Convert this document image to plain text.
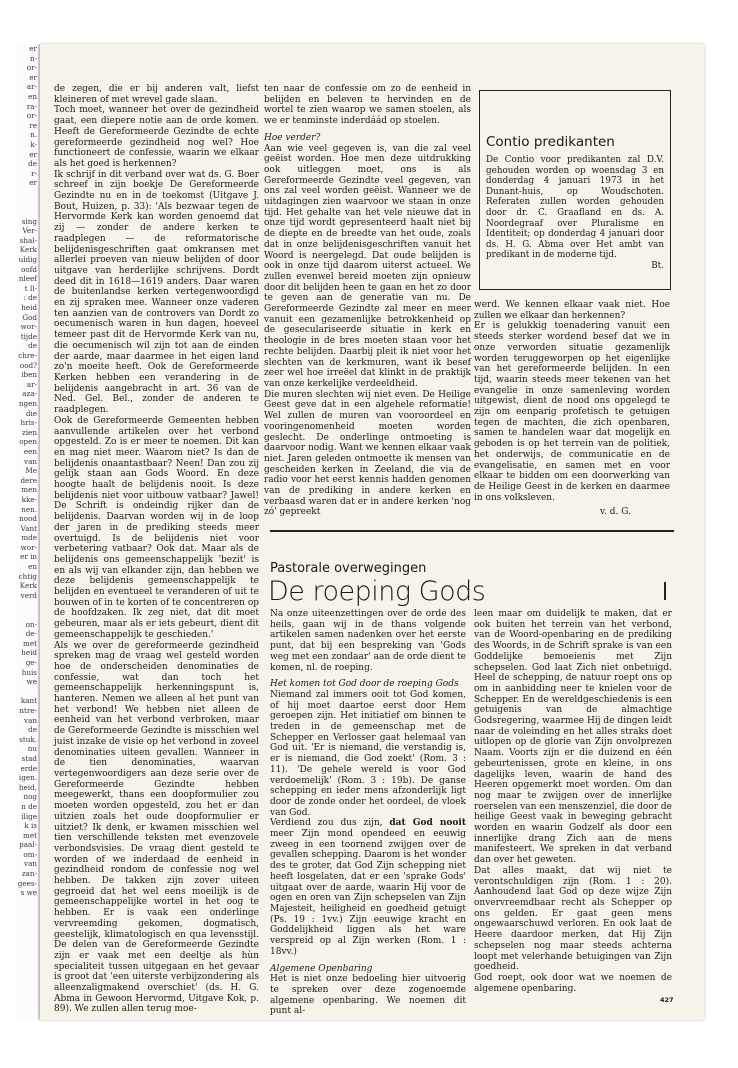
er
n-
or-
er
ar-
en
ra-
or-
re
n.
k-
er
de
r-
er

sing
Ver-
shal-
Kerk
uldig
oofd
nleef
t ll-
: de
heid
God
wor-
tijde
de
chre-
ood?
iben
ar-
aza-
ngen
die
hris-
zien
open
een
van
Me
dere
men
kke-
nen.
nood
Vant
mde
wor-
er in
en
chtig
Kerk
verd

on-
de-
met
heid
ge-
huis
we

kant
ntre-
van
de
stuk.
nu
stad
erde
igen.
heid,
nog
n de
ilige
k is
met
paal-
om-
van
zan-
gees-
s we

de zegen, die er bij anderen valt, liefst kleineren of met wrevel gade slaan.

Toch moet, wanneer het over de gezindheid gaat, een diepere notie aan de orde komen. Heeft de Gereformeerde Gezindte de echte gereformeerde gezindheid nog wel? Hoe functioneert de confessie, waarin we elkaar als het goed is herkennen?

Ik schrijf in dit verband over wat ds. G. Boer schreef in zijn boekje De Gereformeerde Gezindte nu en in de toekomst (Uitgave J. Bout, Huizen, p. 33): 'Als bezwaar tegen de Hervormde Kerk kan worden genoemd dat zij — zonder de andere kerken te raadplegen — de reformatorische belijdenisgeschriften gaat omkransen met allerlei proeven van nieuw belijden of door uitgave van herderlijke schrijvens. Dordt deed dit in 1618—1619 anders. Daar waren de buitenlandse kerken vertegenwoordigd en zij spraken mee. Wanneer onze vaderen ten aanzien van de controvers van Dordt zo oecumenisch waren in hun dagen, hoeveel temeer past dit de Hervormde Kerk van nu, die oecumenisch wil zijn tot aan de einden der aarde, maar daarmee in het eigen land zo'n moeite heeft. Ook de Gereformeerde Kerken hebben een verandering in de belijdenis aangebracht in art. 36 van de Ned. Gel. Bel., zonder de anderen te raadplegen.

Ook de Gereformeerde Gemeenten hebben aanvullende artikelen over het verbond opgesteld. Zo is er meer te noemen. Dit kan en mag niet meer. Waarom niet? Is dan de belijdenis onaantastbaar? Neen! Dan zou zij gelijk staan aan Gods Woord. En deze hoogte haalt de belijdenis nooit. Is deze belijdenis niet voor uitbouw vatbaar? Jawel! De Schrift is ondeindig rijker dan de belijdenis. Daarvan worden wij in de loop der jaren in de prediking steeds meer overtuigd. Is de belijdenis niet voor verbetering vatbaar? Ook dat. Maar als de belijdenis ons gemeenschappelijk 'bezit' is en als wij van elkander zijn, dan hebben we deze belijdenis gemeenschappelijk te belijden en eventueel te veranderen of uit te bouwen of in te korten of te concentreren op de hoofdzaken. Ik zeg niet, dat dit moet gebeuren, maar als er iets gebeurt, dient dit gemeenschappelijk te geschieden.'

Als we over de gereformeerde gezindheid spreken mag de vraag wel gesteld worden hoe de onderscheiden denominaties de confessie, wat dan toch het gemeenschappelijk herkenningspunt is, hanteren. Nemen we alleen al het punt van het verbond! We hebben niet alleen de eenheid van het verbond verbroken, maar de Gereformeerde Gezindte is misschien wel juist inzake de visie op het verbond in zoveel denominaties uiteen gevallen. Wanneer in de tien denominaties, waarvan vertegenwoordigers aan deze serie over de Gereformeerde Gezindte hebben meegewerkt, thans een doopformulier zou moeten worden opgesteld, zou het er dan uitzien zoals het oude doopformulier er uitziet? Ik denk, er kwamen misschien wel tien verschillende teksten met evenzovele verbondsvisies. De vraag dient gesteld te worden of we inderdaad de eenheid in gezindheid rondom de confessie nog wel hebben. De takken zijn zover uiteen gegroeid dat het wel eens moeilijk is de gemeenschappelijke wortel in het oog te hebben. Er is vaak een onderlinge vervreemding gekomen, dogmatisch, geestelijk, klimatologisch en qua levensstijl. De delen van de Gereformeerde Gezindte zijn er vaak met een deeltje als hùn specialiteit tussen uitgegaan en het gevaar is groot dat 'een uiterste verbijzondering als alleenzaligmakend overschiet' (ds. H. G. Abma in Gewoon Hervormd, Uitgave Kok, p. 89). We zullen allen terug moe-

ten naar de confessie om zo de eenheid in belijden en beleven te hervinden en de wortel te zien waarop we samen stoelen, als we er tenminste inderdáád op stoelen.

Hoe verder?

Aan wie veel gegeven is, van die zal veel geëist worden. Hoe men deze uitdrukking ook uitleggen moet, ons is als Gereformeerde Gezindte veel gegeven, van ons zal veel worden geëist. Wanneer we de uitdagingen zien waarvoor we staan in onze tijd. Het gehalte van het vele nieuwe dat in onze tijd wordt gepresenteerd haalt niet bij de diepte en de breedte van het oude, zoals dat in onze belijdenisgeschriften vanuit het Woord is neergelegd. Dat oude belijden is ook in onze tijd daarom uiterst actueel. We zullen evenwel bereid moeten zijn opnieuw door dit belijden heen te gaan en het zo door te geven aan de generatie van nu. De Gereformeerde Gezindte zal meer en meer vanuit een gezamenlijke betrokkenheid op de geseculariseerde situatie in kerk en theologie in de bres moeten staan voor het rechte belijden. Daarbij pleit ik niet voor het slechten van de kerkmuren, want ik besef zeer wel hoe irreëel dat klinkt in de praktijk van onze kerkelijke verdeeldheid.

Die muren slechten wij niet even. De Heilige Geest geve dat in een algehele reformatie! Wel zullen de muren van vooroordeel en vooringenomenheid moeten worden geslecht. De onderlinge ontmoeting is daarvoor nodig. Want we kennen elkaar vaak niet. Jaren geleden ontmoette ik mensen van gescheiden kerken in Zeeland, die via de radio voor het eerst kennis hadden genomen van de prediking in andere kerken en verbaasd waren dat er in andere kerken 'nog zó' gepreekt

Contio predikanten
De Contio voor predikanten zal D.V. gehouden worden op woensdag 3 en donderdag 4 januari 1973 in het Dunant-huis, op Woudschoten. Referaten zullen worden gehouden door dr. C. Graafland en ds. A. Noordegraaf over Pluralisme en Identiteit; op donderdag 4 januari door ds. H. G. Abma over Het ambt van predikant in de moderne tijd.
Bt.

werd. We kennen elkaar vaak niet. Hoe zullen we elkaar dan herkennen?

Er is gelukkig toenadering vanuit een steeds sterker wordend besef dat we in onze verworden situatie gezamenlijk worden teruggeworpen op het eigenlijke van het gereformeerde belijden. In een tijd, waarin steeds meer tekenen van het evangelie in onze samenleving worden uitgewist, dient de nood ons opgelegd te zijn om eenparig profetisch te getuigen tegen de machten, die zich openbaren, samen te handelen waar dat mogelijk en geboden is op het terrein van de politiek, het onderwijs, de communicatie en de evangelisatie, en samen met en voor elkaar te bidden om een doorwerking van de Heilige Geest in de kerken en daarmee in ons volksleven.

v. d. G.
Pastorale overwegingen
De roeping Gods

Na onze uiteenzettingen over de orde des heils, gaan wij in de thans volgende artikelen samen nadenken over het eerste punt, dat bij een bespreking van 'Gods weg met een zondaar' aan de orde dient te komen, nl. de roeping.

Het komen tot God door de roeping Gods

Niemand zal immers ooit tot God komen, of hij moet daartoe eerst door Hem geroepen zijn. Het initiatief om binnen te treden in de gemeenschap met de Schepper en Verlosser gaat helemaal van God uit. 'Er is niemand, die verstandig is, er is niemand, die God zoekt' (Rom. 3 : 11). 'De gehele wereld is voor God verdoemelijk' (Rom. 3 : 19b). De ganse schepping en ieder mens afzonderlijk ligt door de zonde onder het oordeel, de vloek van God.

Verdiend zou dus zijn, dat God nooit meer Zijn mond opendeed en eeuwig zweeg in een toornend zwijgen over de gevallen schepping. Daarom is het wonder des te groter, dat God Zijn schepping niet heeft losgelaten, dat er een 'sprake Gods' uitgaat over de aarde, waarin Hij voor de ogen en oren van Zijn schepselen van Zijn Majesteit, heiligheid en goedheid getuigt (Ps. 19 : 1vv.) Zijn eeuwige kracht en Goddelijkheid liggen als het ware verspreid op al Zijn werken (Rom. 1 : 18vv.)

Algemene Openbaring

Het is niet onze bedoeling hier uitvoerig te spreken over deze zogenoemde algemene openbaring. We noemen dit punt al-

leen maar om duidelijk te maken, dat er ook buiten het terrein van het verbond, van de Woord-openbaring en de prediking des Woords, in de Schrift sprake is van een Goddelijke bemoeienis met Zijn schepselen. God laat Zich niet onbetuigd. Heel de schepping, de natuur roept ons op om in aanbidding neer te knielen voor de Schepper. En de wereldgeschiedenis is een getuigenis van de almachtige Godsregering, waarmee Hij de dingen leidt naar de voleinding en het alles straks doet uitlopen op de glorie van Zijn onvolprezen Naam. Voorts zijn er die duizend en één gebeurtenissen, grote en kleine, in ons dagelijks leven, waarin de hand des Heeren opgemerkt moet worden. Om dan nog maar te zwijgen over de innerlijke roerselen van een menszenziel, die door de heilige Geest vaak in beweging gebracht worden en waarin Godzelf als door een innerlijke drang Zich aan de mens manifesteert. We spreken in dat verband dan over het geweten.

Dat alles maakt, dat wij niet te verontschuldigen zijn (Rom. 1 : 20). Aanhoudend laat God op deze wijze Zijn onvervreemdbaar recht als Schepper op ons gelden. Er gaat geen mens ongewaarschuwd verloren. En ook laat de Heere daardoor merken, dat Hij Zijn schepselen nog maar steeds achterna loopt met velerhande betuigingen van Zijn goedheid.

God roept, ook door wat we noemen de algemene openbaring.

427
